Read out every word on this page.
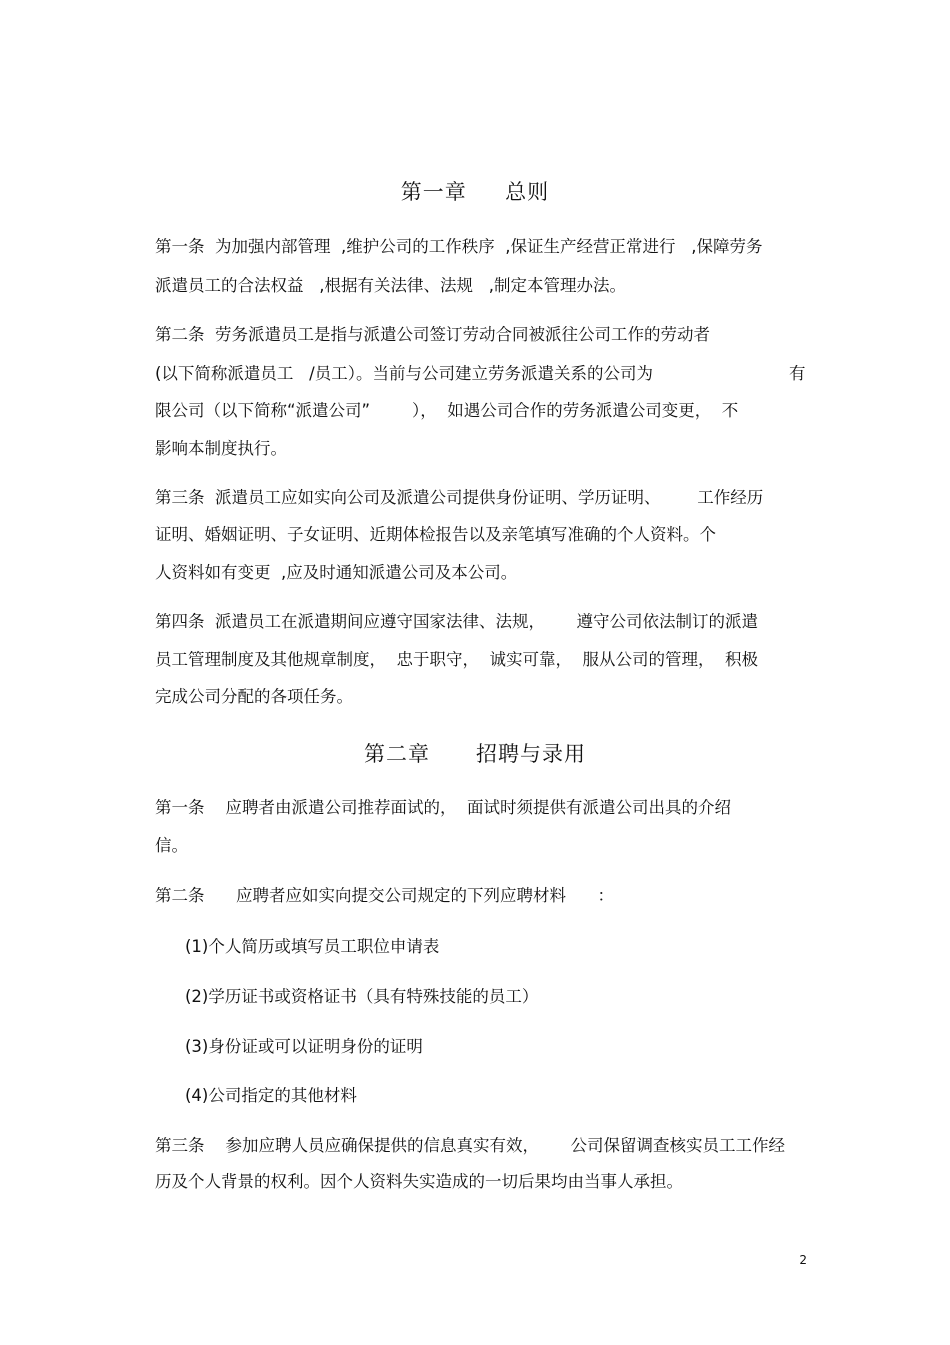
第一章     总则
第一条  为加强内部管理  ,维护公司的工作秩序  ,保证生产经营正常进行   ,保障劳务
派遣员工的合法权益   ,根据有关法律、法规   ,制定本管理办法。
第二条  劳务派遣员工是指与派遣公司签订劳动合同被派往公司工作的劳动者
(以下简称派遣员工   /员工）。当前与公司建立劳务派遣关系的公司为	有
限公司（以下简称“派遣公司”        ），  如遇公司合作的劳务派遣公司变更，  不
影响本制度执行。
第三条  派遣员工应如实向公司及派遣公司提供身份证明、学历证明、       工作经历
证明、婚姻证明、子女证明、近期体检报告以及亲笔填写准确的个人资料。个
人资料如有变更  ,应及时通知派遣公司及本公司。
第四条  派遣员工在派遣期间应遵守国家法律、法规，      遵守公司依法制订的派遣
员工管理制度及其他规章制度，  忠于职守，  诚实可靠，  服从公司的管理，  积极
完成公司分配的各项任务。
第二章      招聘与录用
第一条    应聘者由派遣公司推荐面试的，  面试时须提供有派遣公司出具的介绍
信。
第二条      应聘者应如实向提交公司规定的下列应聘材料      ：
(1)个人简历或填写员工职位申请表
(2)学历证书或资格证书（具有特殊技能的员工）
(3)身份证或可以证明身份的证明
(4)公司指定的其他材料
第三条    参加应聘人员应确保提供的信息真实有效，      公司保留调查核实员工工作经
历及个人背景的权利。因个人资料失实造成的一切后果均由当事人承担。
2
